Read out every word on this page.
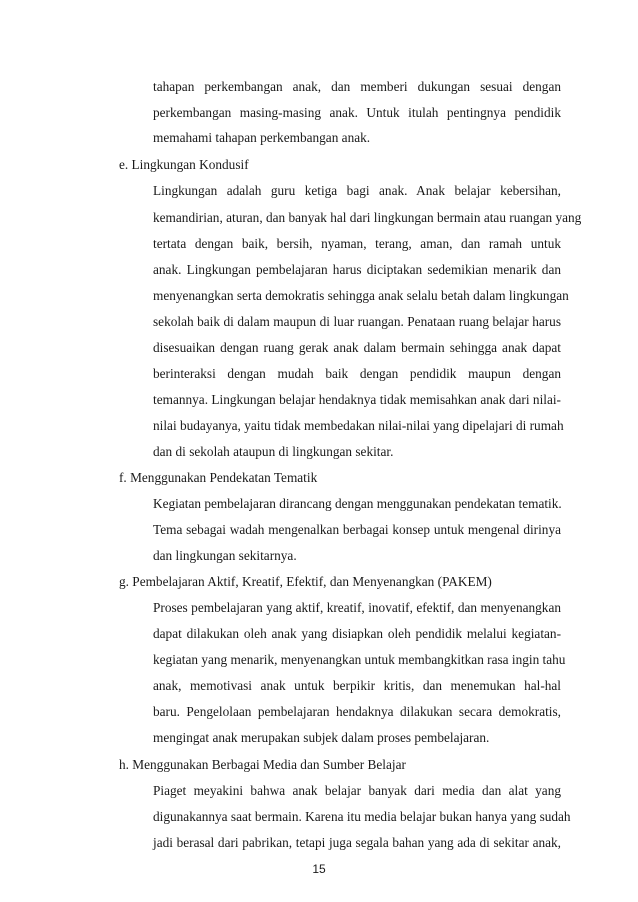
tahapan perkembangan anak, dan memberi dukungan sesuai dengan
perkembangan masing-masing anak. Untuk itulah pentingnya pendidik
memahami tahapan perkembangan anak.
e. Lingkungan Kondusif
Lingkungan adalah guru ketiga bagi anak. Anak belajar kebersihan,
kemandirian, aturan, dan banyak hal dari lingkungan bermain atau ruangan yang
tertata dengan baik, bersih, nyaman, terang, aman, dan ramah untuk
anak. Lingkungan pembelajaran harus diciptakan sedemikian menarik dan
menyenangkan serta demokratis sehingga anak selalu betah dalam lingkungan
sekolah baik di dalam maupun di luar ruangan. Penataan ruang belajar harus
disesuaikan dengan ruang gerak anak dalam bermain sehingga anak dapat
berinteraksi dengan mudah baik dengan pendidik maupun dengan
temannya. Lingkungan belajar hendaknya tidak memisahkan anak dari nilai-
nilai budayanya, yaitu tidak membedakan nilai-nilai yang dipelajari di rumah
dan di sekolah ataupun di lingkungan sekitar.
f. Menggunakan Pendekatan Tematik
Kegiatan pembelajaran dirancang dengan menggunakan pendekatan tematik.
Tema sebagai wadah mengenalkan berbagai konsep untuk mengenal dirinya
dan lingkungan sekitarnya.
g. Pembelajaran Aktif, Kreatif, Efektif, dan Menyenangkan (PAKEM)
Proses pembelajaran yang aktif, kreatif, inovatif, efektif, dan menyenangkan
dapat dilakukan oleh anak yang disiapkan oleh pendidik melalui kegiatan-
kegiatan yang menarik, menyenangkan untuk membangkitkan rasa ingin tahu
anak, memotivasi anak untuk berpikir kritis, dan menemukan hal-hal
baru. Pengelolaan pembelajaran hendaknya dilakukan secara demokratis,
mengingat anak merupakan subjek dalam proses pembelajaran.
h. Menggunakan Berbagai Media dan Sumber Belajar
Piaget meyakini bahwa anak belajar banyak dari media dan alat yang
digunakannya saat bermain. Karena itu media belajar bukan hanya yang sudah
jadi berasal dari pabrikan, tetapi juga segala bahan yang ada di sekitar anak,
15
